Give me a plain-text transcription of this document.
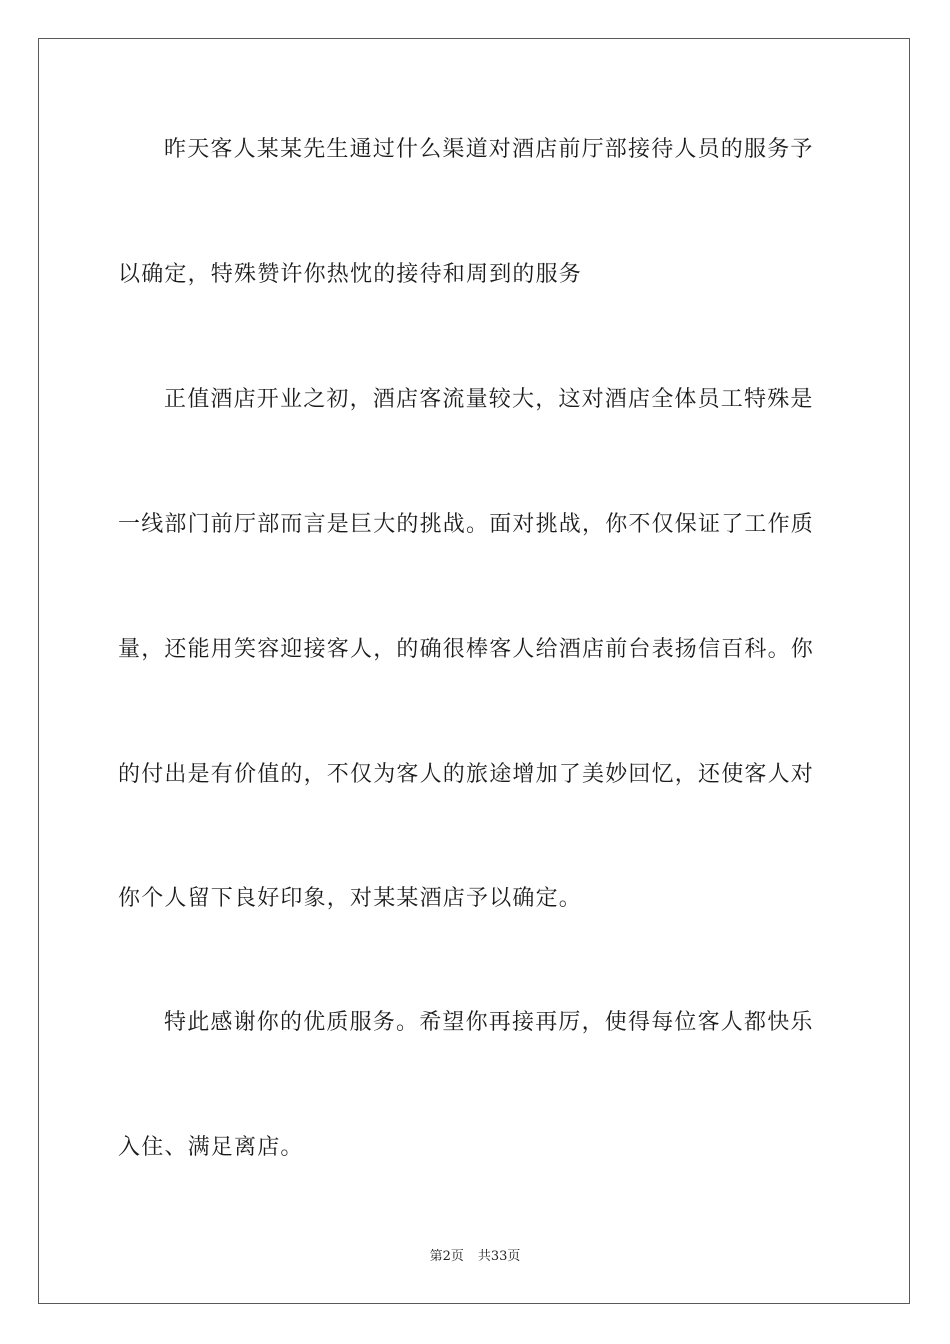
昨天客人某某先生通过什么渠道对酒店前厅部接待人员的服务予
以确定，特殊赞许你热忱的接待和周到的服务
正值酒店开业之初，酒店客流量较大，这对酒店全体员工特殊是
一线部门前厅部而言是巨大的挑战。面对挑战，你不仅保证了工作质
量，还能用笑容迎接客人，的确很棒客人给酒店前台表扬信百科。你
的付出是有价值的，不仅为客人的旅途增加了美妙回忆，还使客人对
你个人留下良好印象，对某某酒店予以确定。
特此感谢你的优质服务。希望你再接再厉，使得每位客人都快乐
入住、满足离店。
第2页 共33页
